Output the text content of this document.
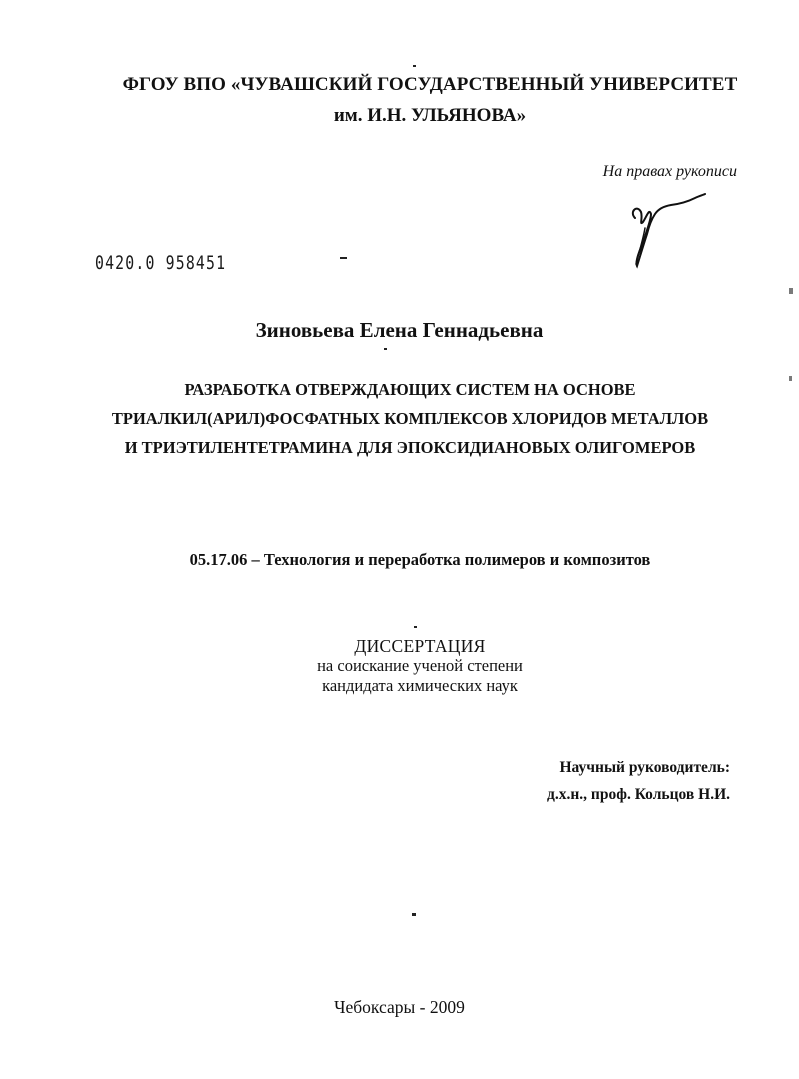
ФГОУ ВПО «ЧУВАШСКИЙ ГОСУДАРСТВЕННЫЙ УНИВЕРСИТЕТ
им. И.Н. УЛЬЯНОВА»
На правах рукописи
0420.0 958451
Зиновьева Елена Геннадьевна
РАЗРАБОТКА ОТВЕРЖДАЮЩИХ СИСТЕМ НА ОСНОВЕ
ТРИАЛКИЛ(АРИЛ)ФОСФАТНЫХ КОМПЛЕКСОВ ХЛОРИДОВ МЕТАЛЛОВ
И ТРИЭТИЛЕНТЕТРАМИНА ДЛЯ ЭПОКСИДИАНОВЫХ ОЛИГОМЕРОВ
05.17.06 – Технология и переработка полимеров и композитов
ДИССЕРТАЦИЯ
на соискание ученой степени
кандидата химических наук
Научный руководитель:
д.х.н., проф. Кольцов Н.И.
Чебоксары - 2009
